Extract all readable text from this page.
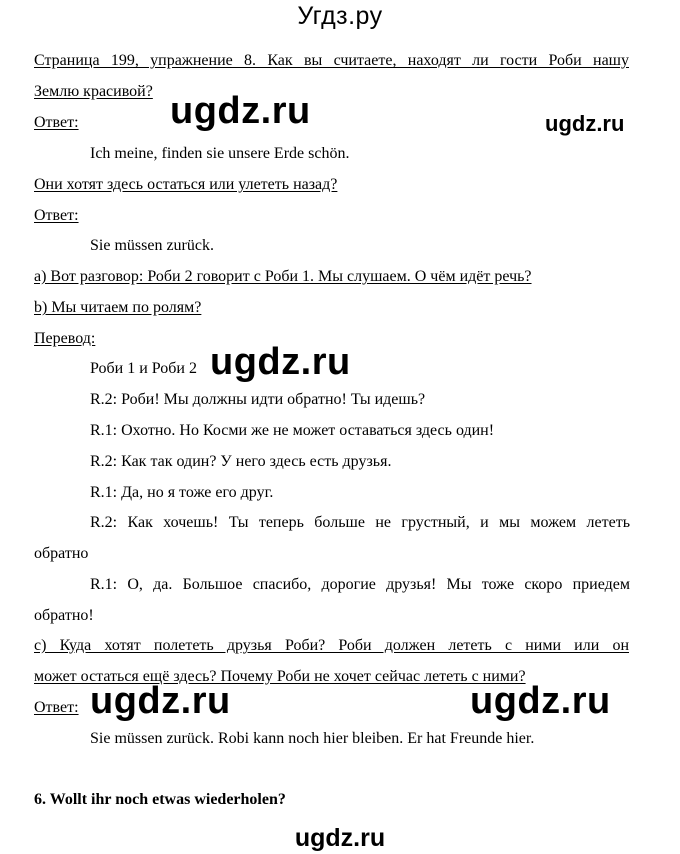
Угдз.ру
Страница 199, упражнение 8. Как вы считаете, находят ли гости Роби нашу
Землю красивой?
Ответ:
Ich meine, finden sie unsere Erde schön.
Они хотят здесь остаться или улететь назад?
Ответ:
Sie müssen zurück.
a) Вот разговор: Роби 2 говорит с Роби 1. Мы слушаем. О чём идёт речь?
b) Мы читаем по ролям?
Перевод:
Роби 1 и Роби 2
R.2: Роби! Мы должны идти обратно! Ты идешь?
R.1: Охотно. Но Косми же не может оставаться здесь один!
R.2: Как так один? У него здесь есть друзья.
R.1: Да, но я тоже его друг.
R.2: Как хочешь! Ты теперь больше не грустный, и мы можем лететь
обратно
R.1: О, да. Большое спасибо, дорогие друзья! Мы тоже скоро приедем
обратно!
c) Куда хотят полететь друзья Роби? Роби должен лететь с ними или он
может остаться ещё здесь? Почему Роби не хочет сейчас лететь с ними?
Ответ:
Sie müssen zurück. Robi kann noch hier bleiben. Er hat Freunde hier.
6. Wollt ihr noch etwas wiederholen?
ugdz.ru	ugdz.ru
ugdz.ru
ugdz.ru	ugdz.ru
ugdz.ru
